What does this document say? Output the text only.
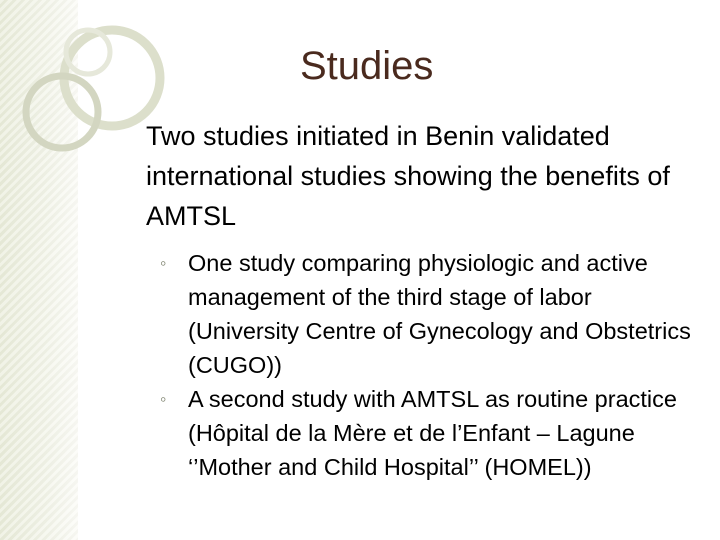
Studies
Two studies initiated in Benin validated international studies showing the benefits of AMTSL
◦ One study comparing physiologic and active management of the third stage of labor (University Centre of Gynecology and Obstetrics (CUGO))
◦ A second study with AMTSL as routine practice (Hôpital de la Mère et de l’Enfant – Lagune ‘’Mother and Child Hospital’’ (HOMEL))
